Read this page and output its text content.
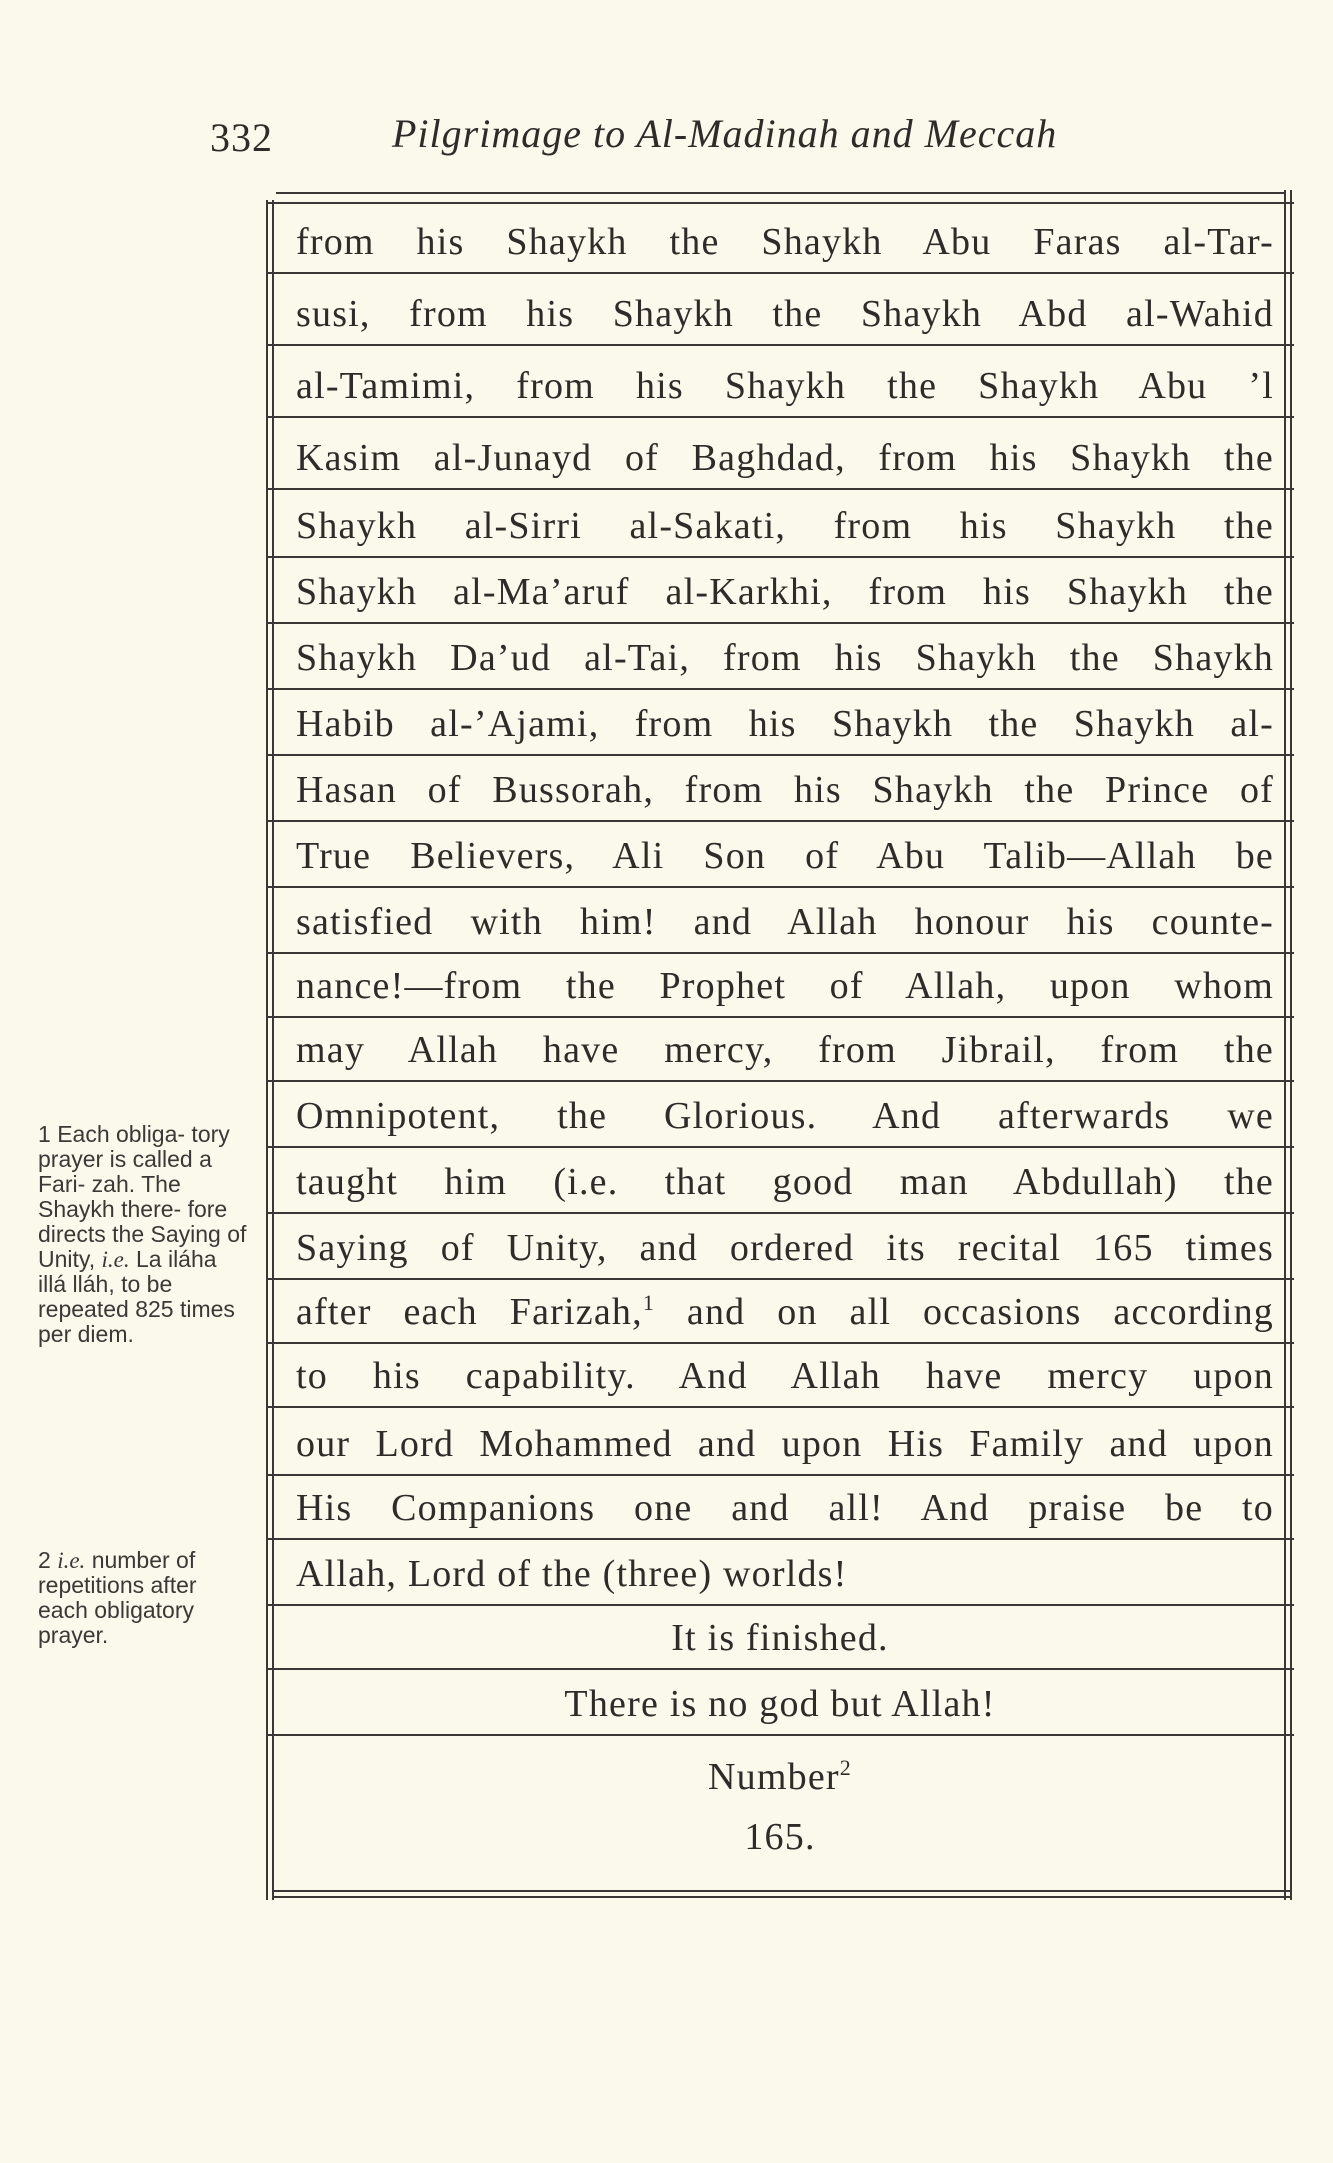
332	Pilgrimage to Al-Madinah and Meccah
from his Shaykh the Shaykh Abu Faras al-Tar-
susi, from his Shaykh the Shaykh Abd al-Wahid
al-Tamimi, from his Shaykh the Shaykh Abu ’l
Kasim al-Junayd of Baghdad, from his Shaykh the
Shaykh al-Sirri al-Sakati, from his Shaykh the
Shaykh al-Ma’aruf al-Karkhi, from his Shaykh the
Shaykh Da’ud al-Tai, from his Shaykh the Shaykh
Habib al-’Ajami, from his Shaykh the Shaykh al-
Hasan of Bussorah, from his Shaykh the Prince of
True Believers, Ali Son of Abu Talib—Allah be
satisfied with him! and Allah honour his counte-
nance!—from the Prophet of Allah, upon whom
may Allah have mercy, from Jibrail, from the
Omnipotent, the Glorious. And afterwards we
taught him (i.e. that good man Abdullah) the
Saying of Unity, and ordered its recital 165 times
after each Farizah,$^1$ and on all occasions according
to his capability. And Allah have mercy upon
our Lord Mohammed and upon His Family and upon
His Companions one and all! And praise be to
Allah, Lord of the (three) worlds!
It is finished.
There is no god but Allah!
Number$^2$
165.
1 Each obliga- tory prayer is called a Fari- zah. The Shaykh there- fore directs the Saying of Unity, i.e. La iláha illá lláh, to be repeated 825 times per diem.
2 i.e. number of repetitions after each obligatory prayer.
